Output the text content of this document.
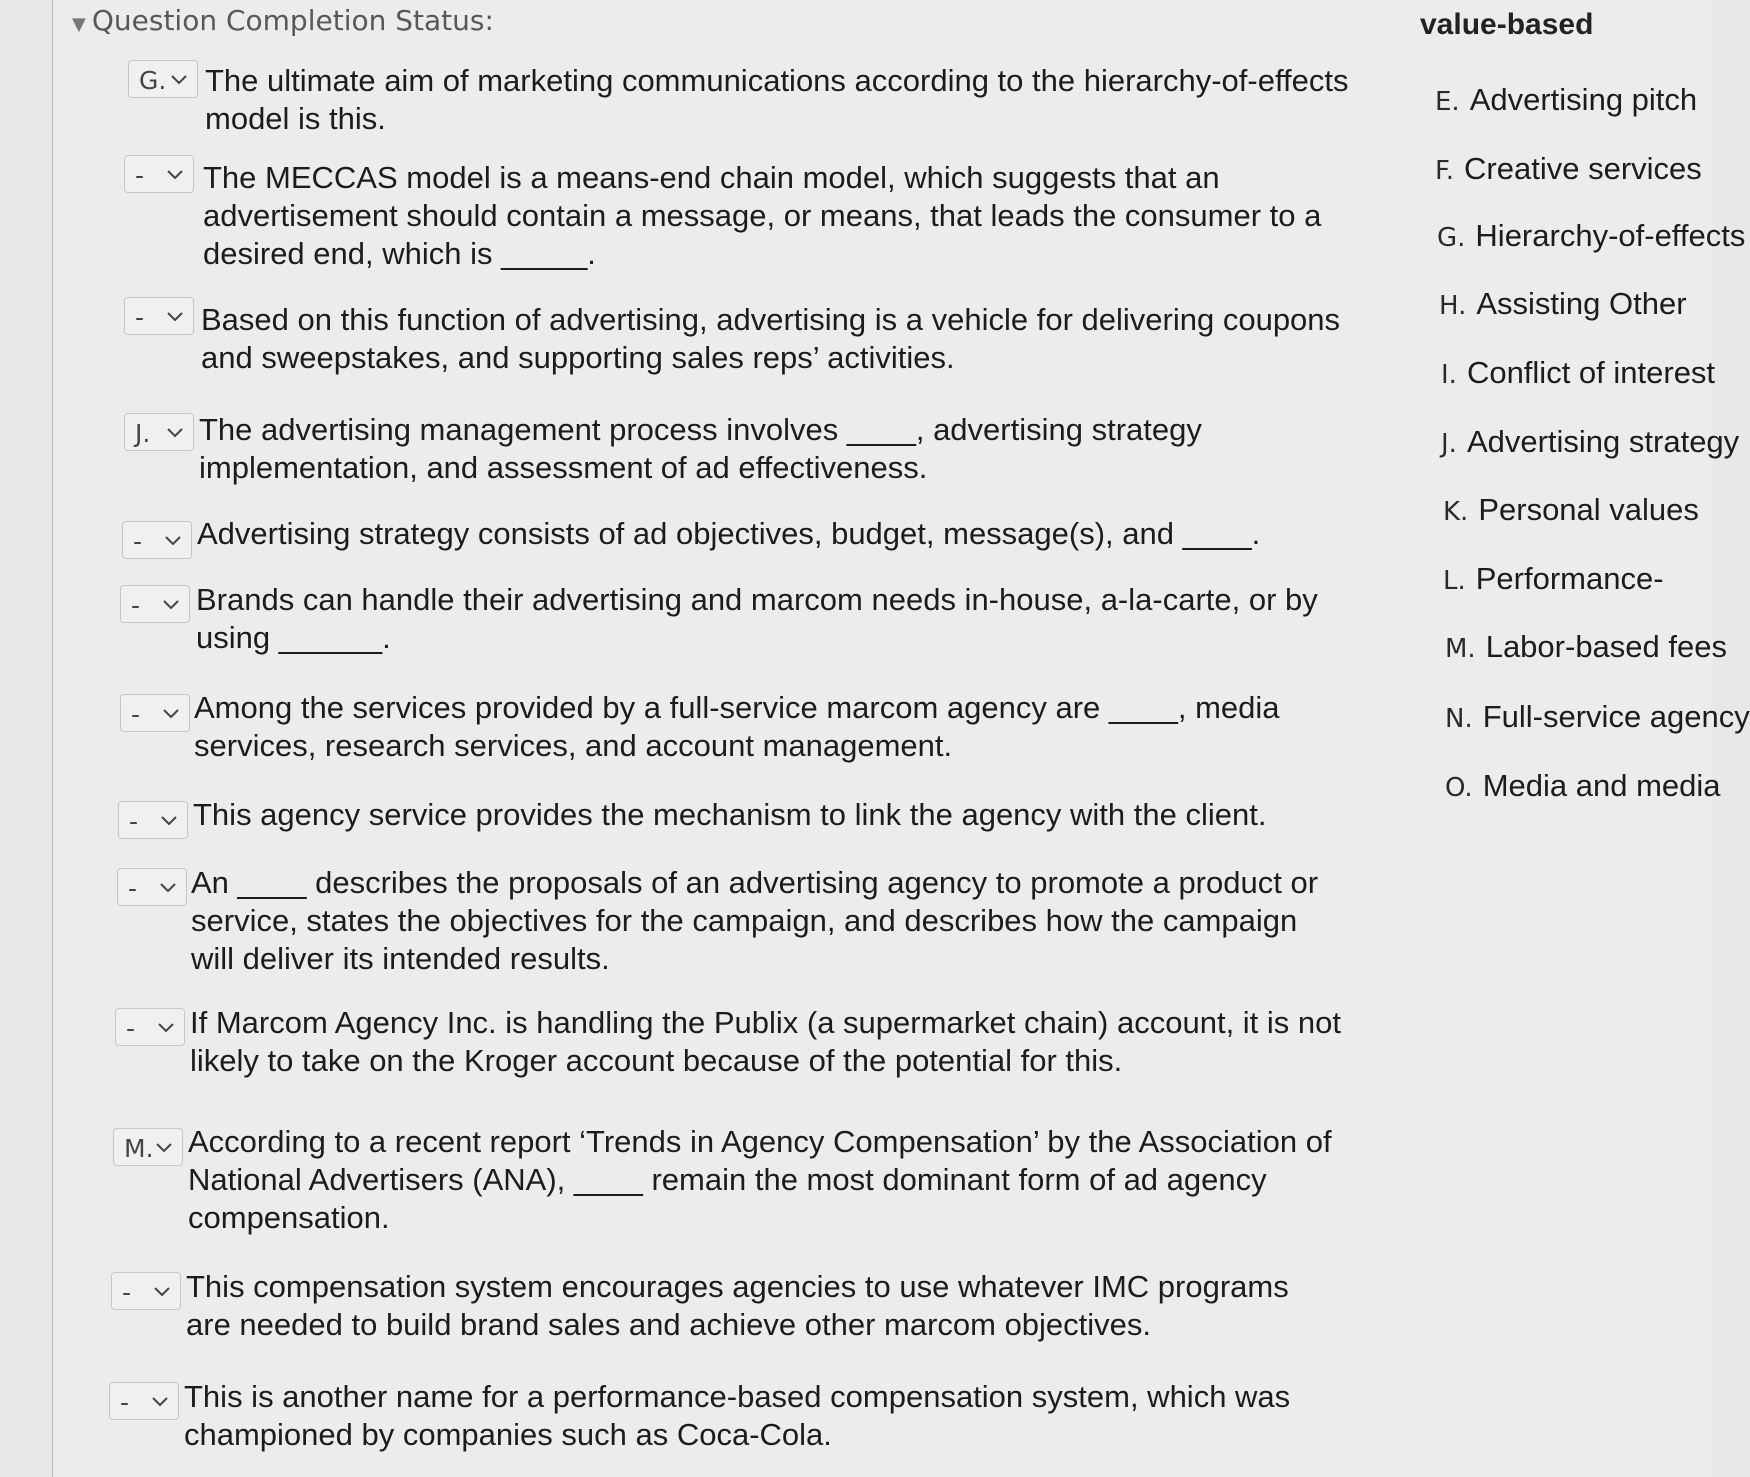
▼ Question Completion Status:	value-based
G. The ultimate aim of marketing communications according to the hierarchy-of-effects
model is this.
- The MECCAS model is a means-end chain model, which suggests that an
advertisement should contain a message, or means, that leads the consumer to a
desired end, which is _____.
- Based on this function of advertising, advertising is a vehicle for delivering coupons
and sweepstakes, and supporting sales reps’ activities.
J. The advertising management process involves ____, advertising strategy
implementation, and assessment of ad effectiveness.
- Advertising strategy consists of ad objectives, budget, message(s), and ____.
- Brands can handle their advertising and marcom needs in-house, a-la-carte, or by
using ______.
- Among the services provided by a full-service marcom agency are ____, media
services, research services, and account management.
- This agency service provides the mechanism to link the agency with the client.
- An ____ describes the proposals of an advertising agency to promote a product or
service, states the objectives for the campaign, and describes how the campaign
will deliver its intended results.
- If Marcom Agency Inc. is handling the Publix (a supermarket chain) account, it is not
likely to take on the Kroger account because of the potential for this.
M. According to a recent report ‘Trends in Agency Compensation’ by the Association of
National Advertisers (ANA), ____ remain the most dominant form of ad agency
compensation.
- This compensation system encourages agencies to use whatever IMC programs
are needed to build brand sales and achieve other marcom objectives.
- This is another name for a performance-based compensation system, which was
championed by companies such as Coca-Cola.
E. Advertising pitch
F. Creative services
G. Hierarchy-of-effects
H. Assisting Other
I. Conflict of interest
J. Advertising strategy
K. Personal values
L. Performance-
M. Labor-based fees
N. Full-service agency
O. Media and media
